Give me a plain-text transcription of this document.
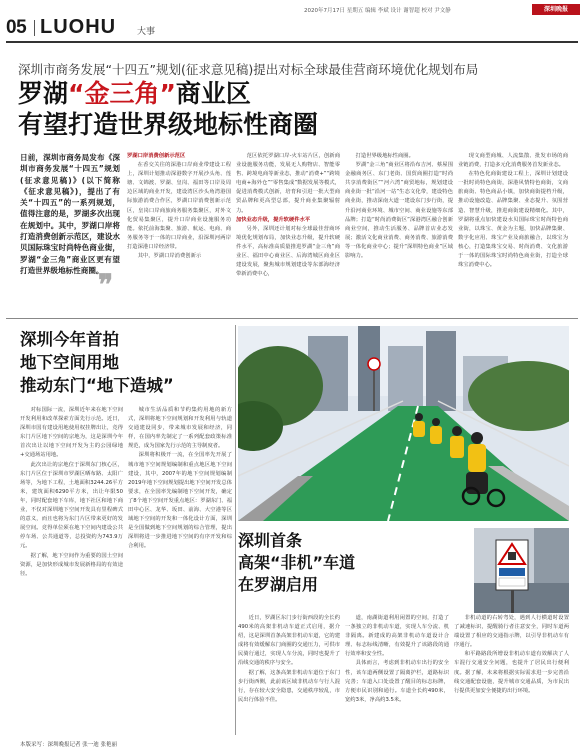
05 LUOHU 大事
2020年7月17日 星期五 编辑 李斌 设计 谢智超 校对 尹文静	深圳晚报
深圳市商务发展“十四五”规划(征求意见稿)提出对标全球最佳营商环境优化规划布局
罗湖“金三角”商业区
有望打造世界级地标性商圈
日前，深圳市商务局发布《深圳市商务发展“十四五”规划(征求意见稿)》(以下简称《征求意见稿》)，提出了有关“十四五”的一系列规划，值得注意的是，罗湖多次出现在规划中。其中，罗湖口岸将打造消费创新示范区，建设水贝国际珠宝时尚特色商业街，罗湖“金三角”商业区更有望打造世界级地标性商圈。
❞

罗湖口岸消费创新示范区

在香交关往的深港口岸商业带建设工程上，深圳计划推动深港数字开展沙头角、莲塘、文锦渡、罗湖、皇岗、福田等口岸及周边区域的商业开发，建设湾区沙头角湾港国际旅游消费合作区，罗湖口岸消费创新示范区，皇岗口岸商旅商务服务集聚区，对外文化贸易集聚区，提升口岸商业设施服务功能。依托前海集聚、旅游、航运、电商、商务服务等于一体的口岸商业，沿深圳河两岸打造深港口岸经济带。

其中，罗湖口岸消费创新示

范区依托罗湖口岸-火车站片区，创新商业设施服务功能，发展无人购物店、智能零售、跨境电商等新业态，推动“消费+”“跨境电商+海外仓”“零售集成”数据发展等模式，促进消费模式创新，培育和引进一批大型商贸品牌和更高型总部，提升商业集聚辐射力。

加快业态升级，提升软硬件水平

另外，深圳还计划对标全球最佳营商环境优化规划布局，加快业态升级，提升软硬件水平，高标准高质量推进罗湖“金三角”商业区、福田中心商业区、后海湾城区商业区建设发展，聚焦城市规划建设等东部海经济带新消费中心，

打造世界级地标性商圈。

罗湖“金三角”商业区将沿布吉河、蔡屋围金融商务区、东门老街、国贸商圈打造“时尚共享消费街区”“河六湾”商贸地标，规划建设商业街一批“沿河一站”生态文化带，建设特色商业街，推动深南大道一建设东门步行街，提升沿河商业环境、城市空间、商业设施等东部品牌；打造“时尚消费街区”深港湾区融合创新商业空间，推动生活服务、品牌首店业态发展；激活文化商业消费、商务消费、旅游消费等一体化商业中心；提升“深圳特色商业”区域影响力。

现文商型商城、人流集散、批发市场的商业链消费，打造多元化消费服务首发新业态。

在特色化商街建设工程上，深圳计划建设一批时尚特色商街，深港风情特色商街，文商旅商街、特色商品小镇，加快商街提档升级，推动设施改造、品牌集聚、业态提升、氛围营造、智慧升级，推进商街建设精细化。其中，罗湖将重点加快建设水贝国际珠宝时尚特色商业街，以珠宝、黄金为主题，加快品牌集聚、数字化应用、珠宝产业及商旅融合，以珠宝为核心，打造集珠宝交易、时尚消费、文化旅游于一体的国际珠宝时尚特色商业街，打造全球珠宝消费中心。

深圳今年首拍
地下空间用地
推动东门“地下造城”

对标国际一流，深圳近年来在地下空间开发利用和改革探索方面先行示范。近日，深圳市国有建设用地使用权挂牌出让，竞得东门片区地下空间的宗地为，这是深圳今年首次出让以地下空间开发为主的公园绿地+交通场站用地。

此次出让的宗地位于深圳东门核心区，东门片区位于深圳市罗湖区晒布路、太阳广场等，为地下工程，土地面积3244.26平方米，建筑面积6290平方米，出让年限50年，同时配套地下车库，地下社区和地下商业，不仅对深圳地下空间开发具有里程碑式的意义，而且也将为东门片区带来更好的发展空间。竞得单位须在地下空间内建设公共停车场、公共通道等，总投资约为743.9万元。

据了解，地下空间作为重要的国土空间资源，是加快形成城市发展新格局的有效途径。

城市生活品质和节约集约用地的新方式，深圳将地下空间规划和开发利用与轨道交通建设同步，带来城市发展和经济，同样，在国内率先制定了一系列配套政策标准规范，成为国家先行示范的主导制度者。

深圳将积极开一流，在全国率先开展了城市地下空间规划编制和重点地区地下空间建设，其中，2007年的地下空间规划编制2019年地下空间规划提出地下空间开发总体要求，在全国率先编制地下空间开发，确定了8个地下空间开发重点地区：罗湖东门、福田中心区、龙华、坂田、前海、大空港等区域地下空间的开发和一体化设计方面，深圳是全国做到地下空间规划的综合管理，提出深圳将进一步推进地下空间的有序开发和综合利用。	深圳首条
高架“非机”车道
在罗湖启用

近日，罗湖区东门步行街西段的全长约490米的高架非机动车道正式启用，据介绍，这是深圳首条高架非机动车道，它的建成将有效缓解东门商圈的交通压力，可供市民骑行通过，实现人车分流，同时也提升了沿线交通的秩序与安全。

据了解，这条高架非机动车道位于东门步行街西侧，此前该区域非机动车与行人混行，存在较大安全隐患，交通秩序较乱，市民出行体验不佳。

道，南湖街道利用闲置的空间，打造了一条独立的非机动车道，实现人车分流、机非隔离。新建成的高架非机动车道设计合理、标志标线清晰，有效提升了该路段的通行效率和安全性。

具体而言，考虑到非机动车出行的安全性，该车道两侧设置了隔离护栏，道路标识完善；车道入口处设置了醒目的标志标牌，方便市民识别和通行。车道全长约490米，宽约3米，净高约3.5米。

非机动道的右转弯处，遇到人行横道时设置了减速标识，提醒骑行者注意安全，同时车道两端设置了相应的交通指示牌，以引导非机动车有序通行。

和平路路段所增设非机动车道有效解决了人车混行交通安全问题，也提升了居民出行便利度。据了解，未来将根据实际需求进一步完善沿线交通配套设施，提升城市交通品质，为市民出行提供更加安全便捷的出行环境。

本版采写：深圳晚报记者 张一迪 张艳丽
